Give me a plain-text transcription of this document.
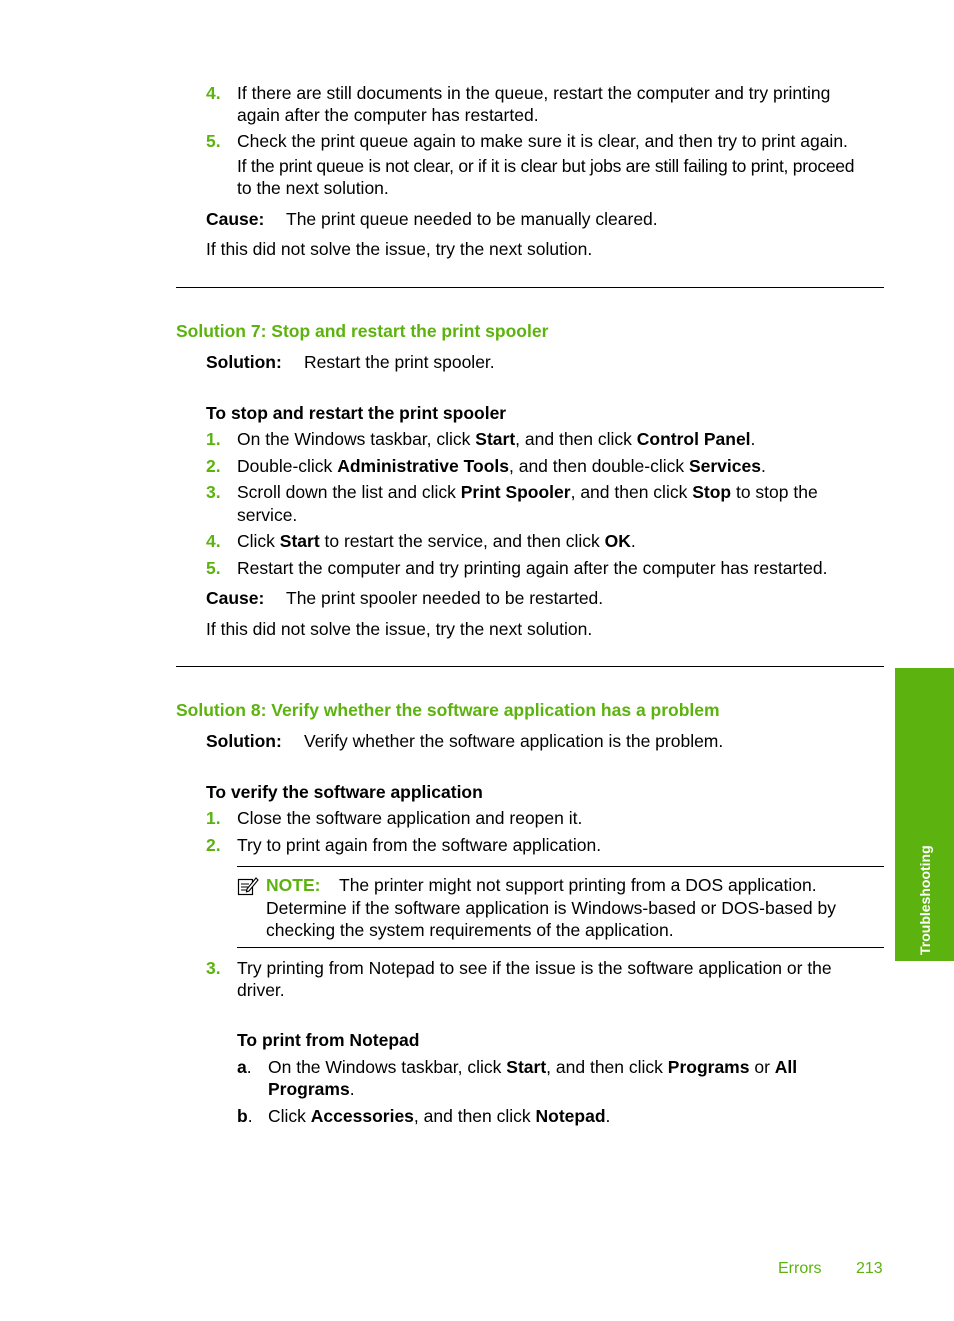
4. If there are still documents in the queue, restart the computer and try printing
again after the computer has restarted.
5. Check the print queue again to make sure it is clear, and then try to print again.
If the print queue is not clear, or if it is clear but jobs are still failing to print, proceed
to the next solution.
Cause: The print queue needed to be manually cleared.
If this did not solve the issue, try the next solution.
Solution 7: Stop and restart the print spooler
Solution: Restart the print spooler.
To stop and restart the print spooler
1. On the Windows taskbar, click Start, and then click Control Panel.
2. Double-click Administrative Tools, and then double-click Services.
3. Scroll down the list and click Print Spooler, and then click Stop to stop the
service.
4. Click Start to restart the service, and then click OK.
5. Restart the computer and try printing again after the computer has restarted.
Cause: The print spooler needed to be restarted.
If this did not solve the issue, try the next solution.
Solution 8: Verify whether the software application has a problem
Solution: Verify whether the software application is the problem.
To verify the software application
1. Close the software application and reopen it.
2. Try to print again from the software application.
NOTE: The printer might not support printing from a DOS application.
Determine if the software application is Windows-based or DOS-based by
checking the system requirements of the application.
3. Try printing from Notepad to see if the issue is the software application or the
driver.
To print from Notepad
a. On the Windows taskbar, click Start, and then click Programs or All
Programs.
b. Click Accessories, and then click Notepad.
Troubleshooting
Errors 213
